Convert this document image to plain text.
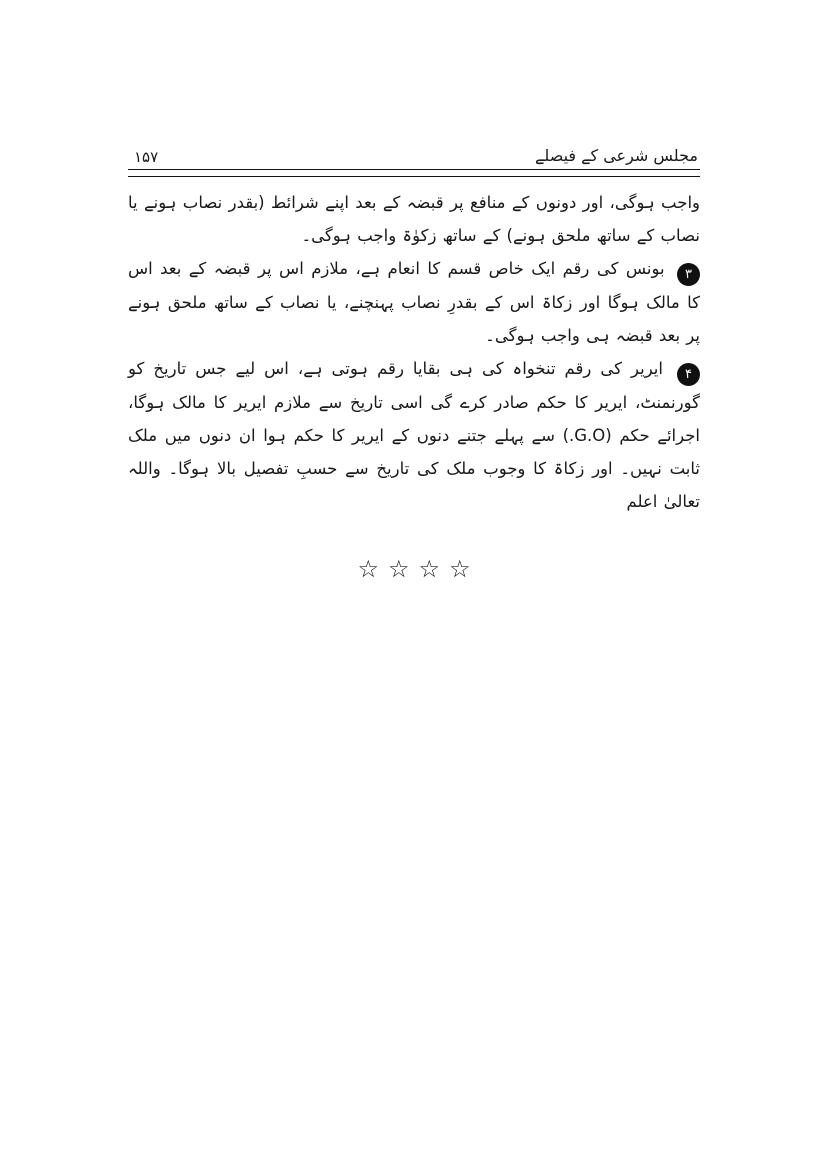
مجلس شرعی کے فیصلے
۱۵۷

واجب ہوگی، اور دونوں کے منافع پر قبضہ کے بعد اپنے شرائط (بقدر نصاب ہونے یا نصاب کے ساتھ ملحق ہونے) کے ساتھ زکوٰۃ واجب ہوگی۔

۳ بونس کی رقم ایک خاص قسم کا انعام ہے، ملازم اس پر قبضہ کے بعد اس کا مالک ہوگا اور زکاۃ اس کے بقدرِ نصاب پہنچنے، یا نصاب کے ساتھ ملحق ہونے پر بعد قبضہ ہی واجب ہوگی۔

۴ ایریر کی رقم تنخواہ کی ہی بقایا رقم ہوتی ہے، اس لیے جس تاریخ کو گورنمنٹ، ایریر کا حکم صادر کرے گی اسی تاریخ سے ملازم ایریر کا مالک ہوگا، اجرائے حکم (G.O.) سے پہلے جتنے دنوں کے ایریر کا حکم ہوا ان دنوں میں ملک ثابت نہیں۔ اور زکاۃ کا وجوب ملک کی تاریخ سے حسبِ تفصیل بالا ہوگا۔ واللہ تعالیٰ اعلم

☆☆☆☆
